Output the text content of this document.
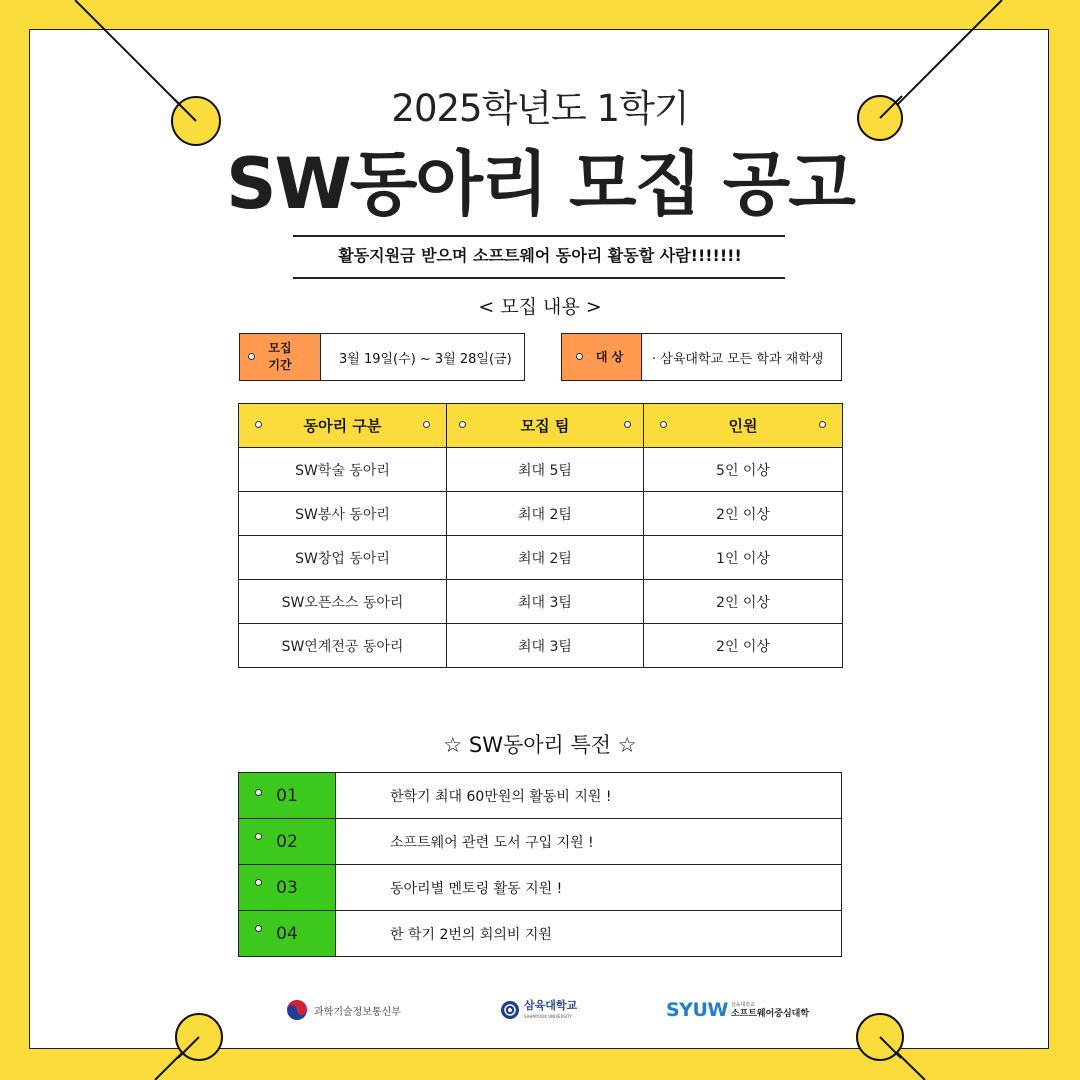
2025학년도 1학기
SW동아리 모집 공고
활동지원금 받으며 소프트웨어 동아리 활동할 사람!!!!!!!
< 모집 내용 >
모집
기간	3월 19일(수) ~ 3월 28일(금)	대 상	· 삼육대학교 모든 학과 재학생
동아리 구분	모집 팀	인원

SW학술 동아리	최대 5팀	5인 이상
SW봉사 동아리	최대 2팀	2인 이상
SW창업 동아리	최대 2팀	1인 이상
SW오픈소스 동아리	최대 3팀	2인 이상
SW연계전공 동아리	최대 3팀	2인 이상
☆ SW동아리 특전 ☆
01	한학기 최대 60만원의 활동비 지원 !

02	소프트웨어 관련 도서 구입 지원 !

03	동아리별 멘토링 활동 지원 !

04	한 학기 2번의 회의비 지원
과학기술정보통신부
삼육대학교
SAHMYOOK UNIVERSITY	SYUW 삼육대학교
소프트웨어중심대학
